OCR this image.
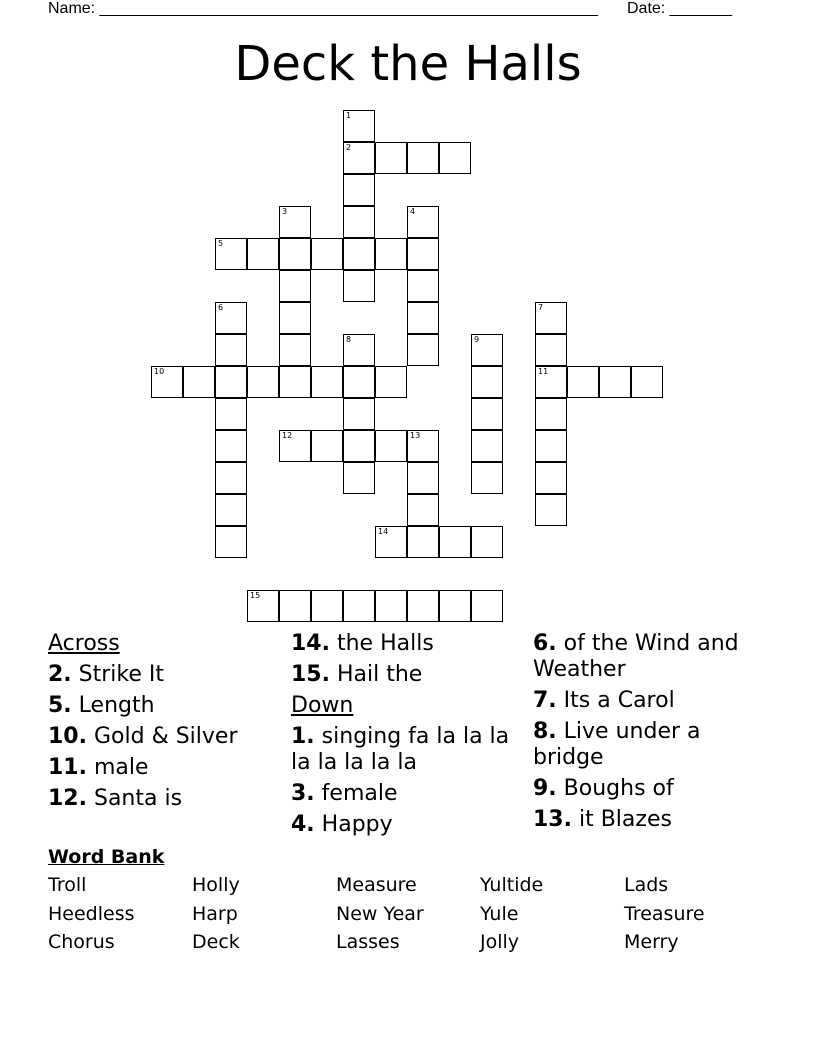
Name: ________________________________________________________ Date: _______
Deck the Halls
1
2
3	4
5
6	7
8	9
10	11
12	13
14
15
Across
2. Strike It
5. Length
10. Gold & Silver
11. male
12. Santa is
14. the Halls
15. Hail the
Down
1. singing fa la la la la la la la la
3. female
4. Happy
6. of the Wind and Weather
7. Its a Carol
8. Live under a bridge
9. Boughs of
13. it Blazes
Word Bank
Troll	Holly	Measure	Yultide	Lads
Heedless	Harp	New Year	Yule	Treasure
Chorus	Deck	Lasses	Jolly	Merry
